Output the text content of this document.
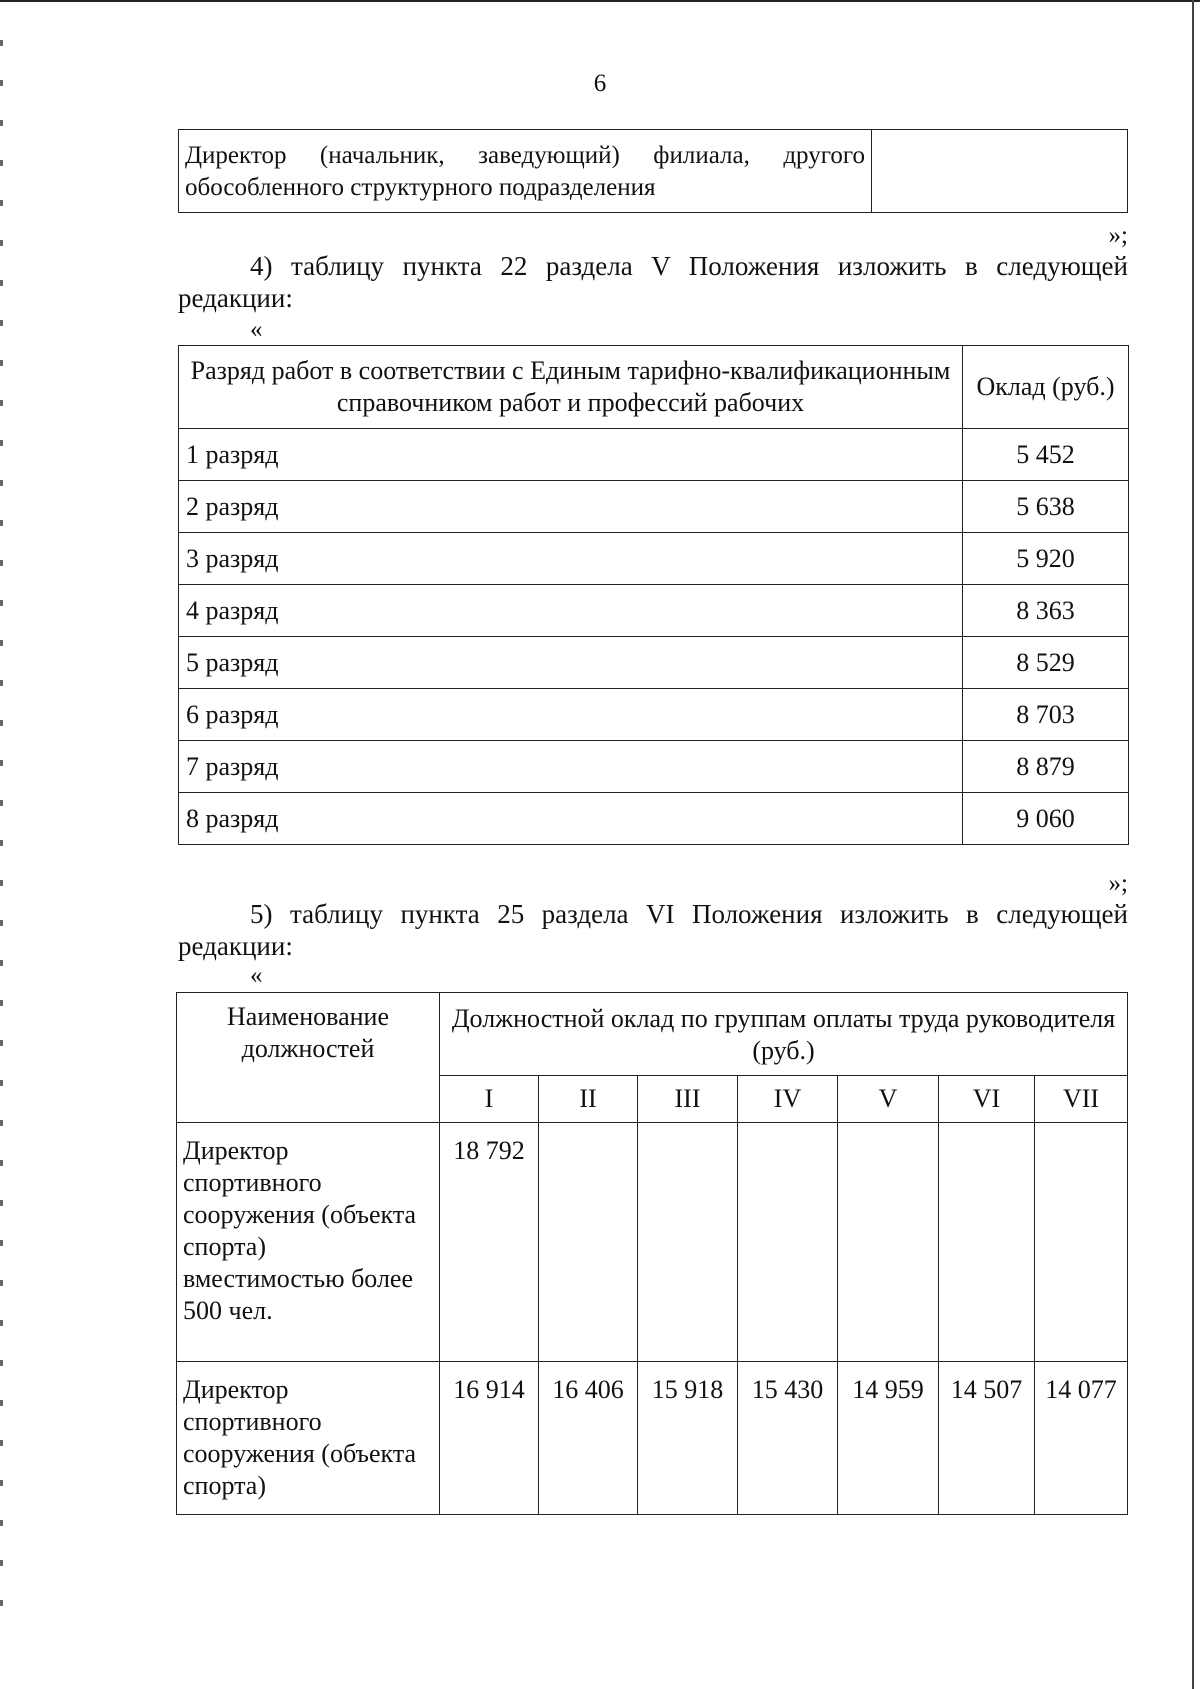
6
Директор (начальник, заведующий) филиала, другого
обособленного структурного подразделения

»;
4) таблицу пункта 22 раздела V Положения изложить в следующей
редакции:
«
Разряд работ в соответствии с Единым тарифно-квалификационным справочником работ и профессий рабочих	Оклад (руб.)
1 разряд	5 452
2 разряд	5 638
3 разряд	5 920
4 разряд	8 363
5 разряд	8 529
6 разряд	8 703
7 разряд	8 879
8 разряд	9 060
»;
5) таблицу пункта 25 раздела VI Положения изложить в следующей
редакции:
«
Наименование должностей	Должностной оклад по группам оплаты труда руководителя (руб.)						
	I	II	III	IV	V	VI	VII
Директор спортивного сооружения (объекта спорта) вместимостью более 500 чел.	18 792						
Директор спортивного сооружения (объекта спорта)	16 914	16 406	15 918	15 430	14 959	14 507	14 077
